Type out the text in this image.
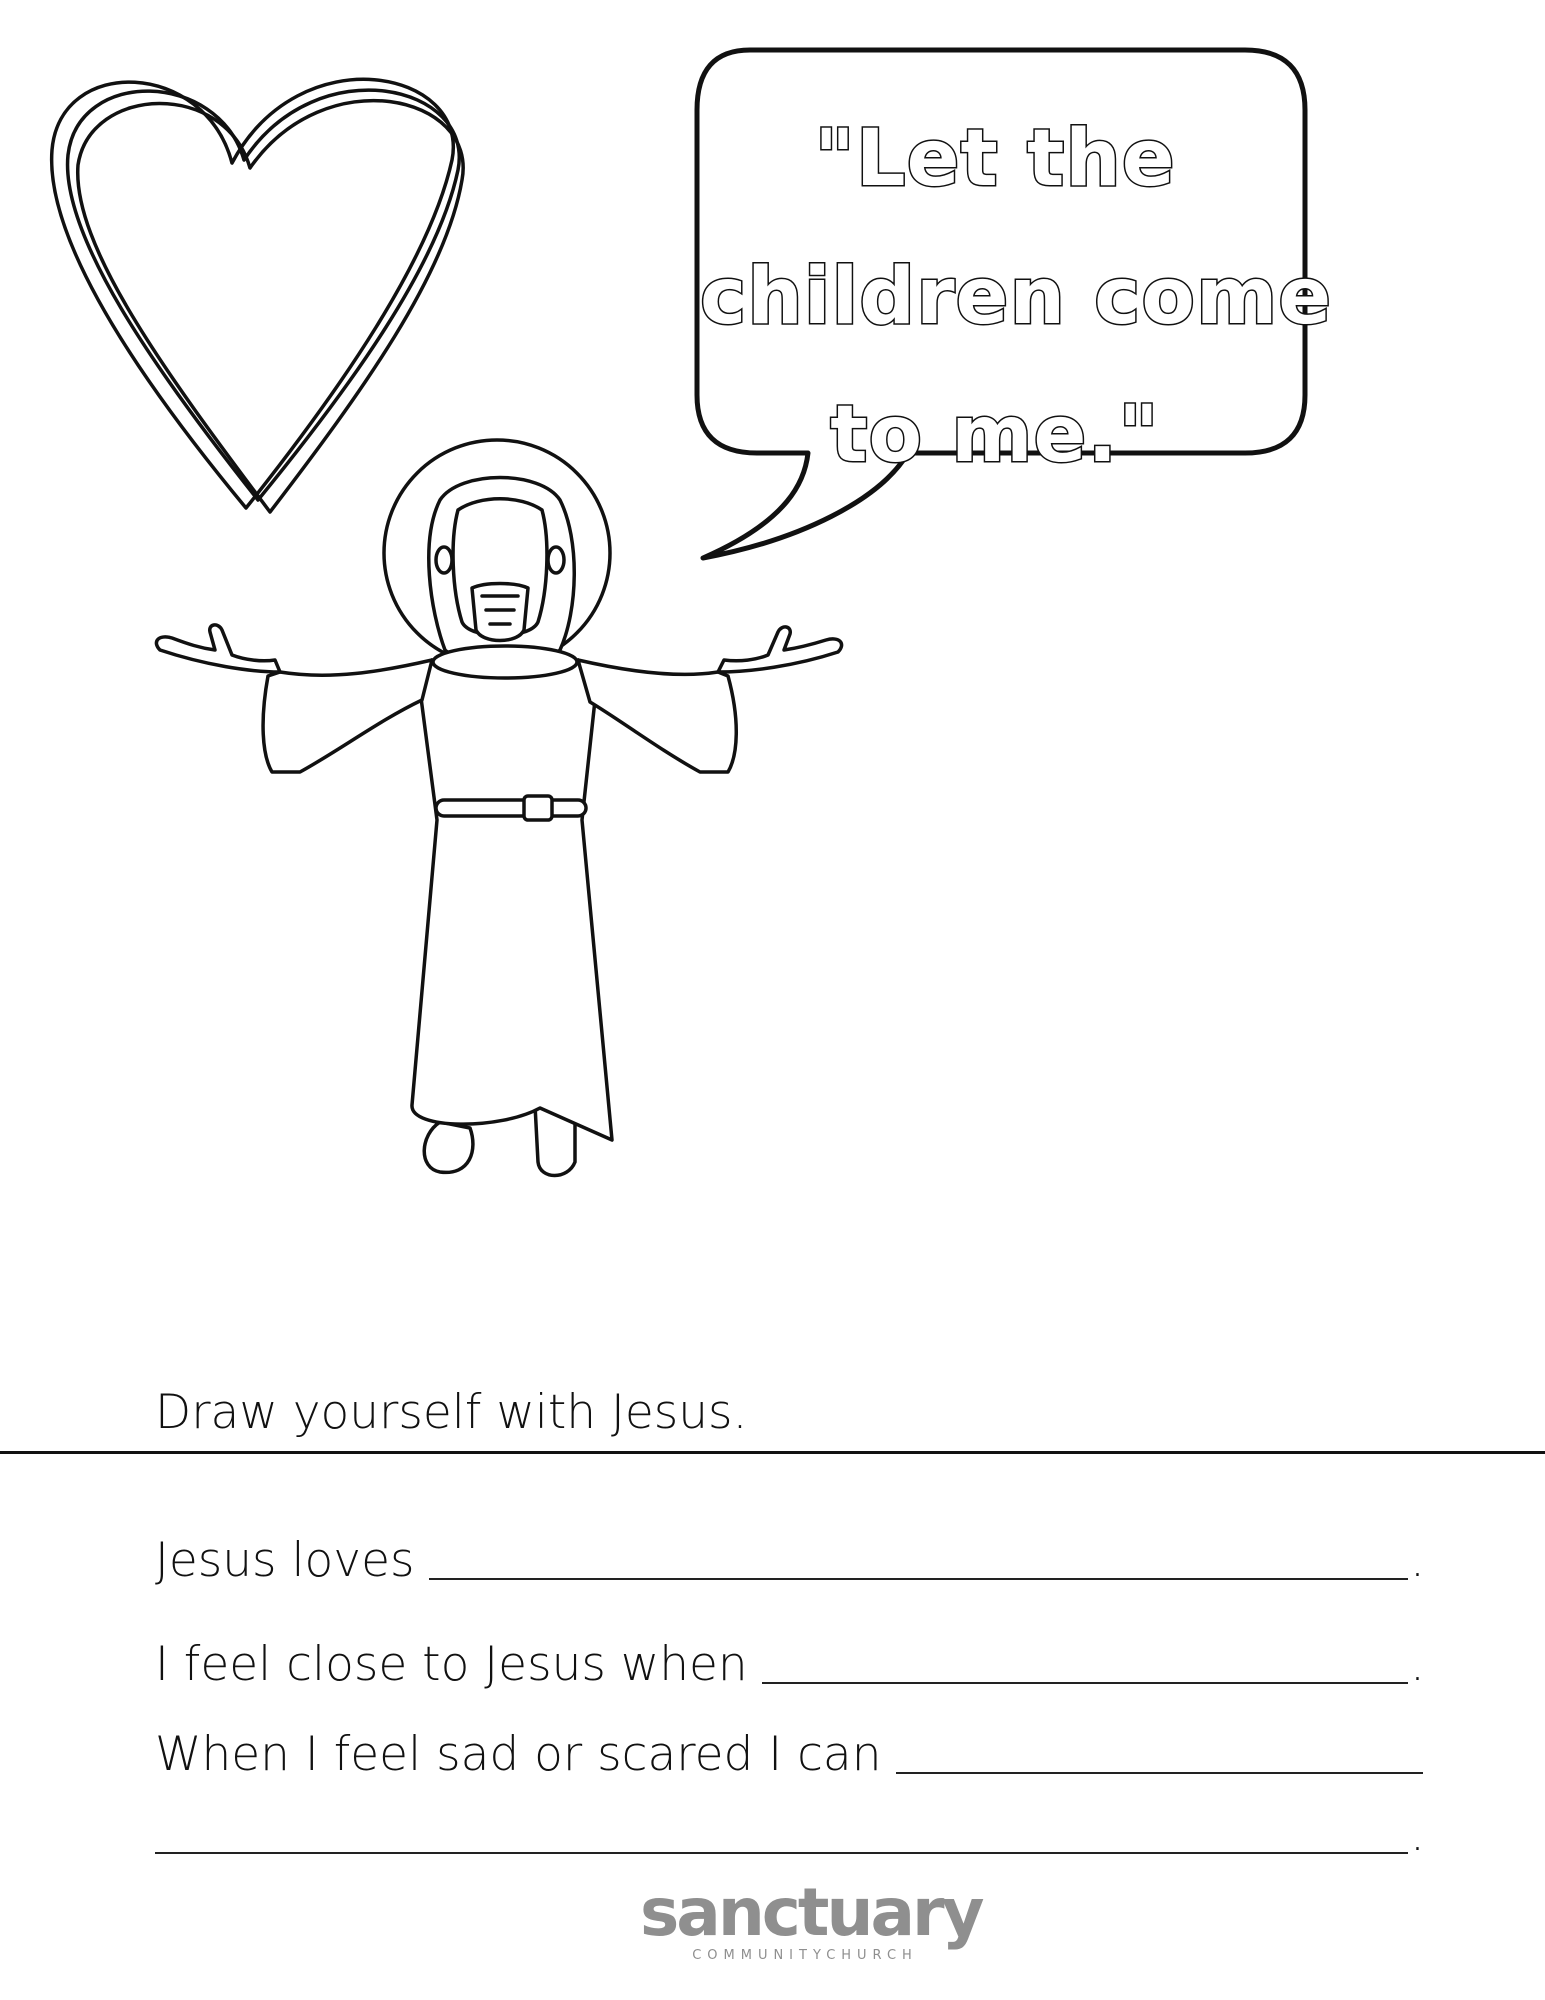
"Let the
children come
to me."
Draw yourself with Jesus.
Jesus loves	.
I feel close to Jesus when	.
When I feel sad or scared I can
.
sanctuary
COMMUNITYCHURCH
